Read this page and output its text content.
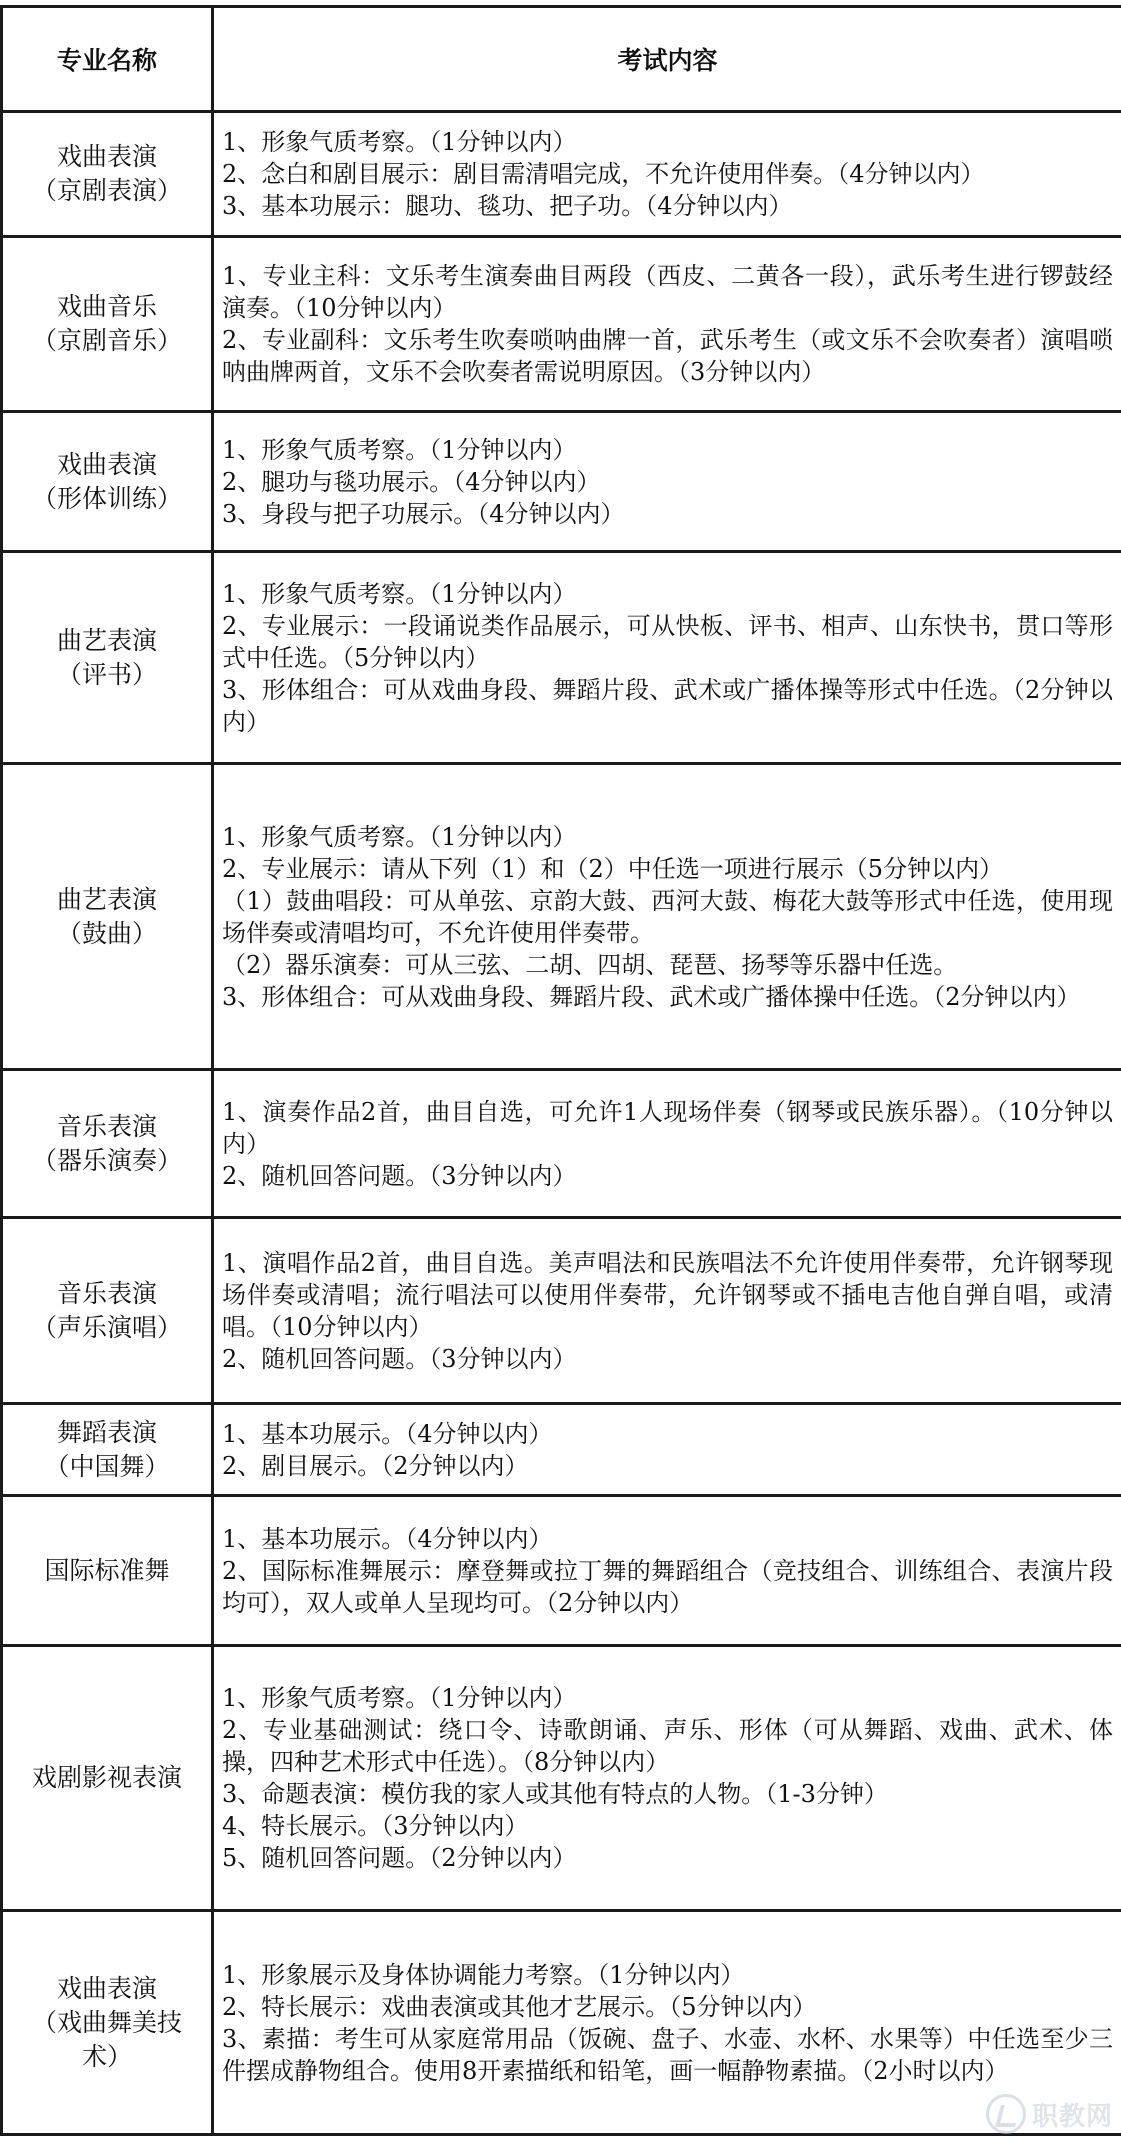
专业名称	考试内容

戏曲表演
（京剧表演）	1、形象气质考察。（1分钟以内）
2、念白和剧目展示：剧目需清唱完成，不允许使用伴奏。（4分钟以内）
3、基本功展示：腿功、毯功、把子功。（4分钟以内）

戏曲音乐
（京剧音乐）	1、专业主科：文乐考生演奏曲目两段（西皮、二黄各一段），武乐考生进行锣鼓经演奏。（10分钟以内）
2、专业副科：文乐考生吹奏唢呐曲牌一首，武乐考生（或文乐不会吹奏者）演唱唢呐曲牌两首，文乐不会吹奏者需说明原因。（3分钟以内）

戏曲表演
（形体训练）	1、形象气质考察。（1分钟以内）
2、腿功与毯功展示。（4分钟以内）
3、身段与把子功展示。（4分钟以内）

曲艺表演
（评书）	1、形象气质考察。（1分钟以内）
2、专业展示：一段诵说类作品展示，可从快板、评书、相声、山东快书，贯口等形式中任选。（5分钟以内）
3、形体组合：可从戏曲身段、舞蹈片段、武术或广播体操等形式中任选。（2分钟以内）

曲艺表演
（鼓曲）	1、形象气质考察。（1分钟以内）
2、专业展示：请从下列（1）和（2）中任选一项进行展示（5分钟以内）
（1）鼓曲唱段：可从单弦、京韵大鼓、西河大鼓、梅花大鼓等形式中任选，使用现场伴奏或清唱均可，不允许使用伴奏带。
（2）器乐演奏：可从三弦、二胡、四胡、琵琶、扬琴等乐器中任选。
3、形体组合：可从戏曲身段、舞蹈片段、武术或广播体操中任选。（2分钟以内）

音乐表演
（器乐演奏）	1、演奏作品2首，曲目自选，可允许1人现场伴奏（钢琴或民族乐器）。（10分钟以内）
2、随机回答问题。（3分钟以内）

音乐表演
（声乐演唱）	1、演唱作品2首，曲目自选。美声唱法和民族唱法不允许使用伴奏带，允许钢琴现场伴奏或清唱；流行唱法可以使用伴奏带，允许钢琴或不插电吉他自弹自唱，或清唱。（10分钟以内）
2、随机回答问题。（3分钟以内）

舞蹈表演
（中国舞）	1、基本功展示。（4分钟以内）
2、剧目展示。（2分钟以内）

国际标准舞	1、基本功展示。（4分钟以内）
2、国际标准舞展示：摩登舞或拉丁舞的舞蹈组合（竞技组合、训练组合、表演片段均可），双人或单人呈现均可。（2分钟以内）

戏剧影视表演	1、形象气质考察。（1分钟以内）
2、专业基础测试：绕口令、诗歌朗诵、声乐、形体（可从舞蹈、戏曲、武术、体操，四种艺术形式中任选）。（8分钟以内）
3、命题表演：模仿我的家人或其他有特点的人物。（1-3分钟）
4、特长展示。（3分钟以内）
5、随机回答问题。（2分钟以内）

戏曲表演
（戏曲舞美技
术）	1、形象展示及身体协调能力考察。（1分钟以内）
2、特长展示：戏曲表演或其他才艺展示。（5分钟以内）
3、素描：考生可从家庭常用品（饭碗、盘子、水壶、水杯、水果等）中任选至少三件摆成静物组合。使用8开素描纸和铅笔，画一幅静物素描。（2小时以内）
职教网
